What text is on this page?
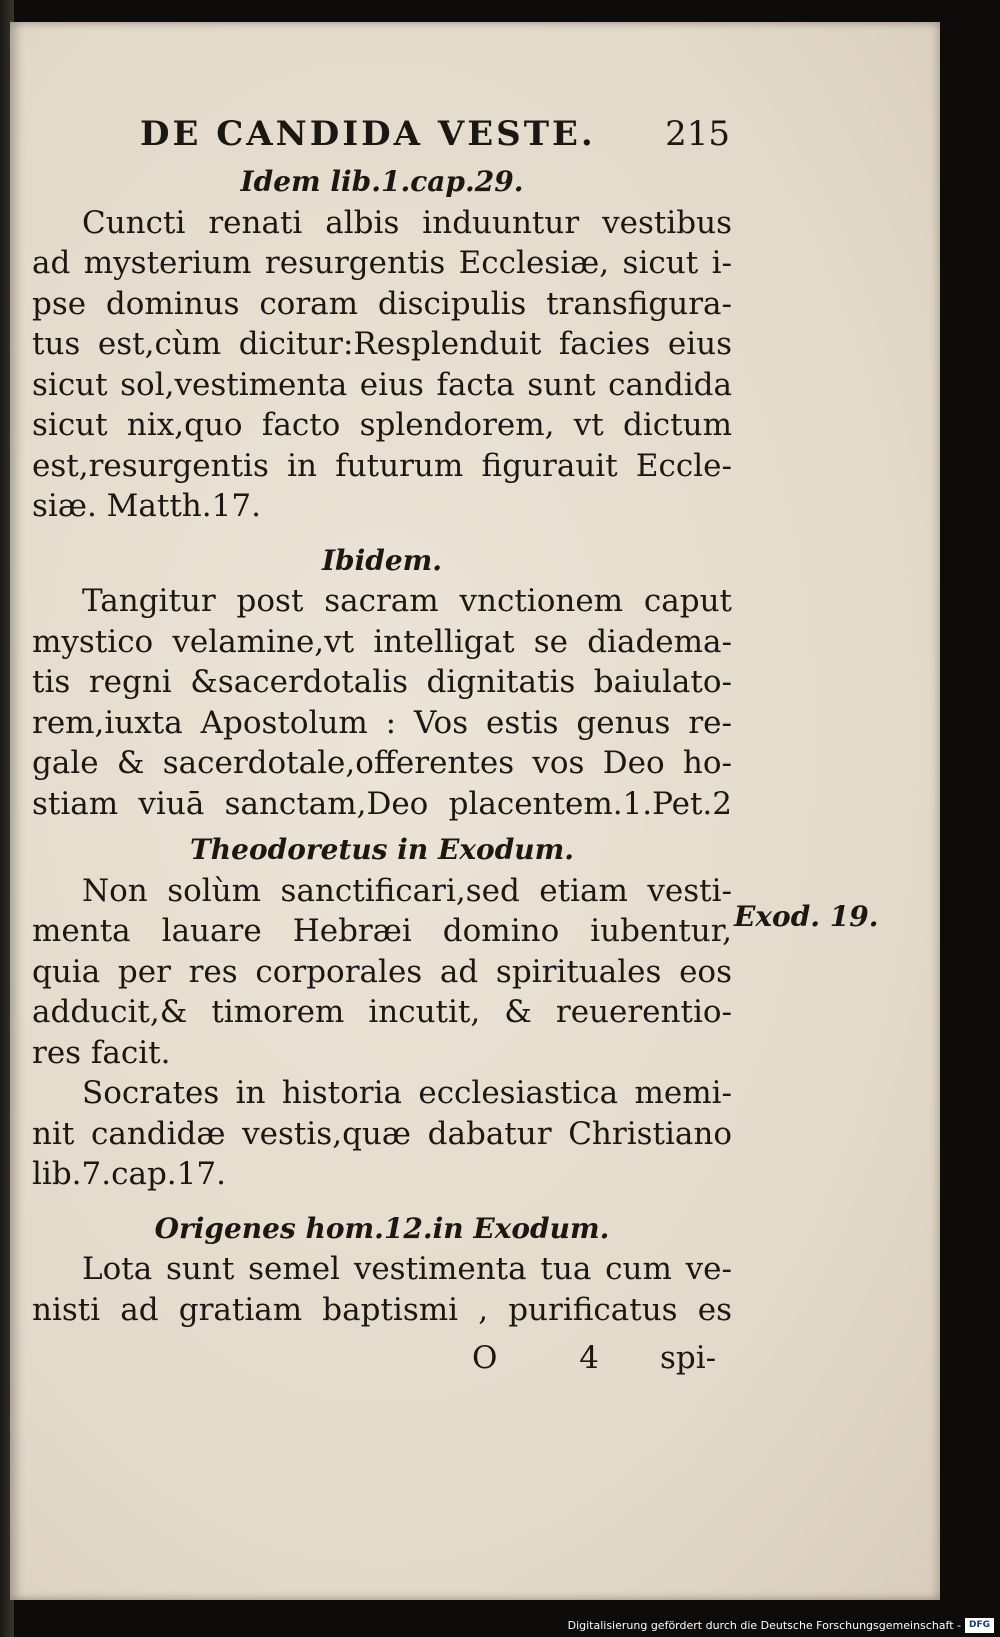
DE CANDIDA VESTE. 215
Idem lib.1.cap.29.
Cuncti renati albis induuntur vestibus
ad mysterium resurgentis Ecclesiæ, sicut i-
pse dominus coram discipulis transfigura-
tus est,cùm dicitur:Resplenduit facies eius
sicut sol,vestimenta eius facta sunt candida
sicut nix,quo facto splendorem, vt dictum
est,resurgentis in futurum figurauit Eccle-
siæ. Matth.17.
Ibidem.
Tangitur post sacram vnctionem caput
mystico velamine,vt intelligat se diadema-
tis regni &sacerdotalis dignitatis baiulato-
rem,iuxta Apostolum : Vos estis genus re-
gale & sacerdotale,offerentes vos Deo ho-
stiam viuā sanctam,Deo placentem.1.Pet.2
Theodoretus in Exodum.
Non solùm sanctificari,sed etiam vesti-
menta lauare Hebræi domino iubentur,
quia per res corporales ad spirituales eos
adducit,& timorem incutit, & reuerentio-
res facit.
Socrates in historia ecclesiastica memi-
nit candidæ vestis,quæ dabatur Christiano
lib.7.cap.17.
Origenes hom.12.in Exodum.
Lota sunt semel vestimenta tua cum ve-
nisti ad gratiam baptismi , purificatus es
Exod. 19.
O 4 spi-
Digitalisierung gefördert durch die Deutsche Forschungsgemeinschaft - DFG
